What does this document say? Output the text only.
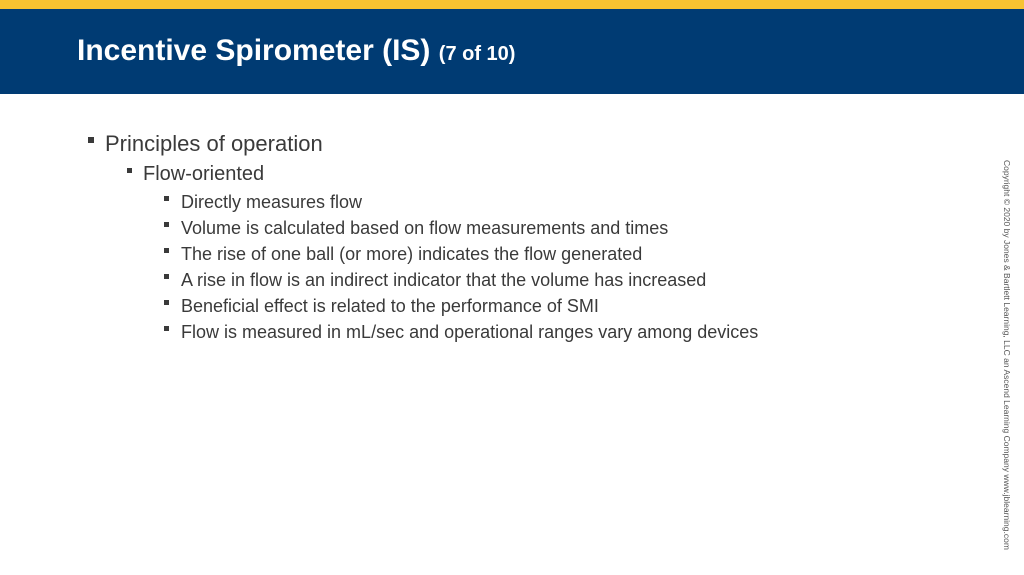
Incentive Spirometer (IS) (7 of 10)
Principles of operation
Flow-oriented
Directly measures flow
Volume is calculated based on flow measurements and times
The rise of one ball (or more) indicates the flow generated
A rise in flow is an indirect indicator that the volume has increased
Beneficial effect is related to the performance of SMI
Flow is measured in mL/sec and operational ranges vary among devices	Copyright © 2020 by Jones & Bartlett Learning, LLC an Ascend Learning Company www.jblearning.com
